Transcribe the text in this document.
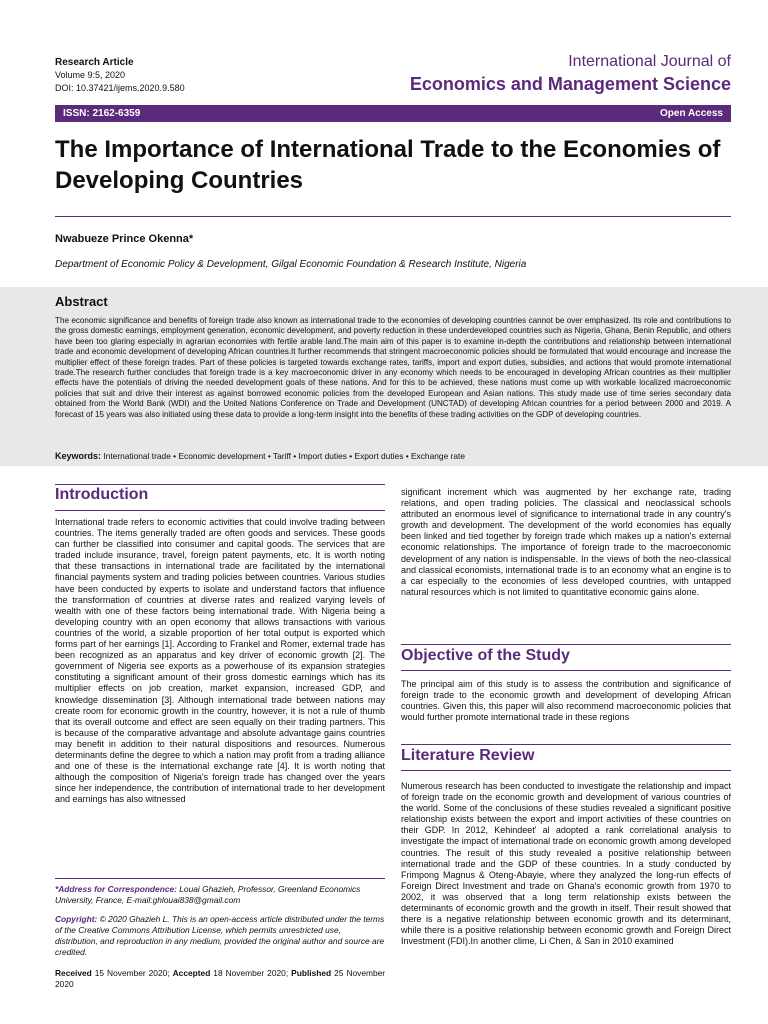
Research Article
Volume 9:5, 2020
DOI: 10.37421/ijems.2020.9.580
International Journal of
Economics and Management Science
ISSN: 2162-6359	Open Access
The Importance of International Trade to the Economies of Developing Countries
Nwabueze Prince Okenna*
Department of Economic Policy & Development, Gilgal Economic Foundation & Research Institute, Nigeria
Abstract
The economic significance and benefits of foreign trade also known as international trade to the economies of developing countries cannot be over emphasized. Its role and contributions to the gross domestic earnings, employment generation, economic development, and poverty reduction in these underdeveloped countries such as Nigeria, Ghana, Benin Republic, and others have been too glaring especially in agrarian economies with fertile arable land.The main aim of this paper is to examine in-depth the contributions and relationship between international trade and economic development of developing African countries.It further recommends that stringent macroeconomic policies should be formulated that would encourage and increase the multiplier effect of these foreign trades. Part of these policies is targeted towards exchange rates, tariffs, import and export duties, subsidies, and actions that would promote international trade.The research further concludes that foreign trade is a key macroeconomic driver in any economy which needs to be encouraged in developing African countries as their multiplier effects have the potentials of driving the needed development goals of these nations. And for this to be achieved, these nations must come up with workable localized macroeconomic policies that suit and drive their interest as against borrowed economic policies from the developed European and Asian nations. This study made use of time series secondary data obtained from the World Bank (WDI) and the United Nations Conference on Trade and Development (UNCTAD) of developing African countries for a period between 2000 and 2019. A forecast of 15 years was also initiated using these data to provide a long-term insight into the benefits of these trading activities on the GDP of developing countries.
Keywords: International trade • Economic development • Tariff • Import duties • Export duties • Exchange rate
Introduction
International trade refers to economic activities that could involve trading between countries. The items generally traded are often goods and services. These goods can further be classified into consumer and capital goods. The services that are traded include insurance, travel, foreign patent payments, etc. It is worth noting that these transactions in international trade are facilitated by the international financial payments system and trading policies between countries. Various studies have been conducted by experts to isolate and understand factors that influence the transformation of countries at diverse rates and realized varying levels of wealth with one of these factors being international trade. With Nigeria being a developing country with an open economy that allows transactions with various countries of the world, a sizable proportion of her total output is exported which forms part of her earnings [1]. According to Frankel and Romer, external trade has been recognized as an apparatus and key driver of economic growth [2]. The government of Nigeria see exports as a powerhouse of its expansion strategies constituting a significant amount of their gross domestic earnings which has its multiplier effects on job creation, market expansion, increased GDP, and knowledge dissemination [3]. Although international trade between nations may create room for economic growth in the country, however, it is not a rule of thumb that its overall outcome and effect are seen equally on their trading partners. This is because of the comparative advantage and absolute advantage gains countries may benefit in addition to their natural dispositions and resources. Numerous determinants define the degree to which a nation may profit from a trading alliance and one of these is the international exchange rate [4]. It is worth noting that although the composition of Nigeria's foreign trade has changed over the years since her independence, the contribution of international trade to her development and earnings has also witnessed
*Address for Correspondence: Louai Ghazieh, Professor, Greenland Economics University, France, E-mail:ghlouai838@gmail.com
Copyright: © 2020 Ghazieh L. This is an open-access article distributed under the terms of the Creative Commons Attribution License, which permits unrestricted use, distribution, and reproduction in any medium, provided the original author and source are credited.
Received 15 November 2020; Accepted 18 November 2020; Published 25 November 2020
significant increment which was augmented by her exchange rate, trading relations, and open trading policies. The classical and neoclassical schools attributed an enormous level of significance to international trade in any country's growth and development. The development of the world economies has equally been linked and tied together by foreign trade which makes up a nation's external economic relationships. The importance of foreign trade to the macroeconomic development of any nation is indispensable. In the views of both the neo-classical and classical economists, international trade is to an economy what an engine is to a car especially to the economies of less developed countries, with untapped natural resources which is not limited to quantitative economic gains alone.
Objective of the Study
The principal aim of this study is to assess the contribution and significance of foreign trade to the economic growth and development of developing African countries. Given this, this paper will also recommend macroeconomic policies that would further promote international trade in these regions
Literature Review
Numerous research has been conducted to investigate the relationship and impact of foreign trade on the economic growth and development of various countries of the world. Some of the conclusions of these studies revealed a significant positive relationship exists between the export and import activities of these countries on their GDP. In 2012, Kehindeet' al adopted a rank correlational analysis to investigate the impact of international trade on economic growth among developed countries. The result of this study revealed a positive relationship between international trade and the GDP of these countries. In a study conducted by Frimpong Magnus & Oteng-Abayie, where they analyzed the long-run effects of Foreign Direct Investment and trade on Ghana's economic growth from 1970 to 2002, it was observed that a long term relationship exists between the determinants of economic growth and the growth in itself. Their result showed that there is a negative relationship between economic growth and its determinant, while there is a positive relationship between economic growth and Foreign Direct Investment (FDI).In another clime, Li Chen, & San in 2010 examined
